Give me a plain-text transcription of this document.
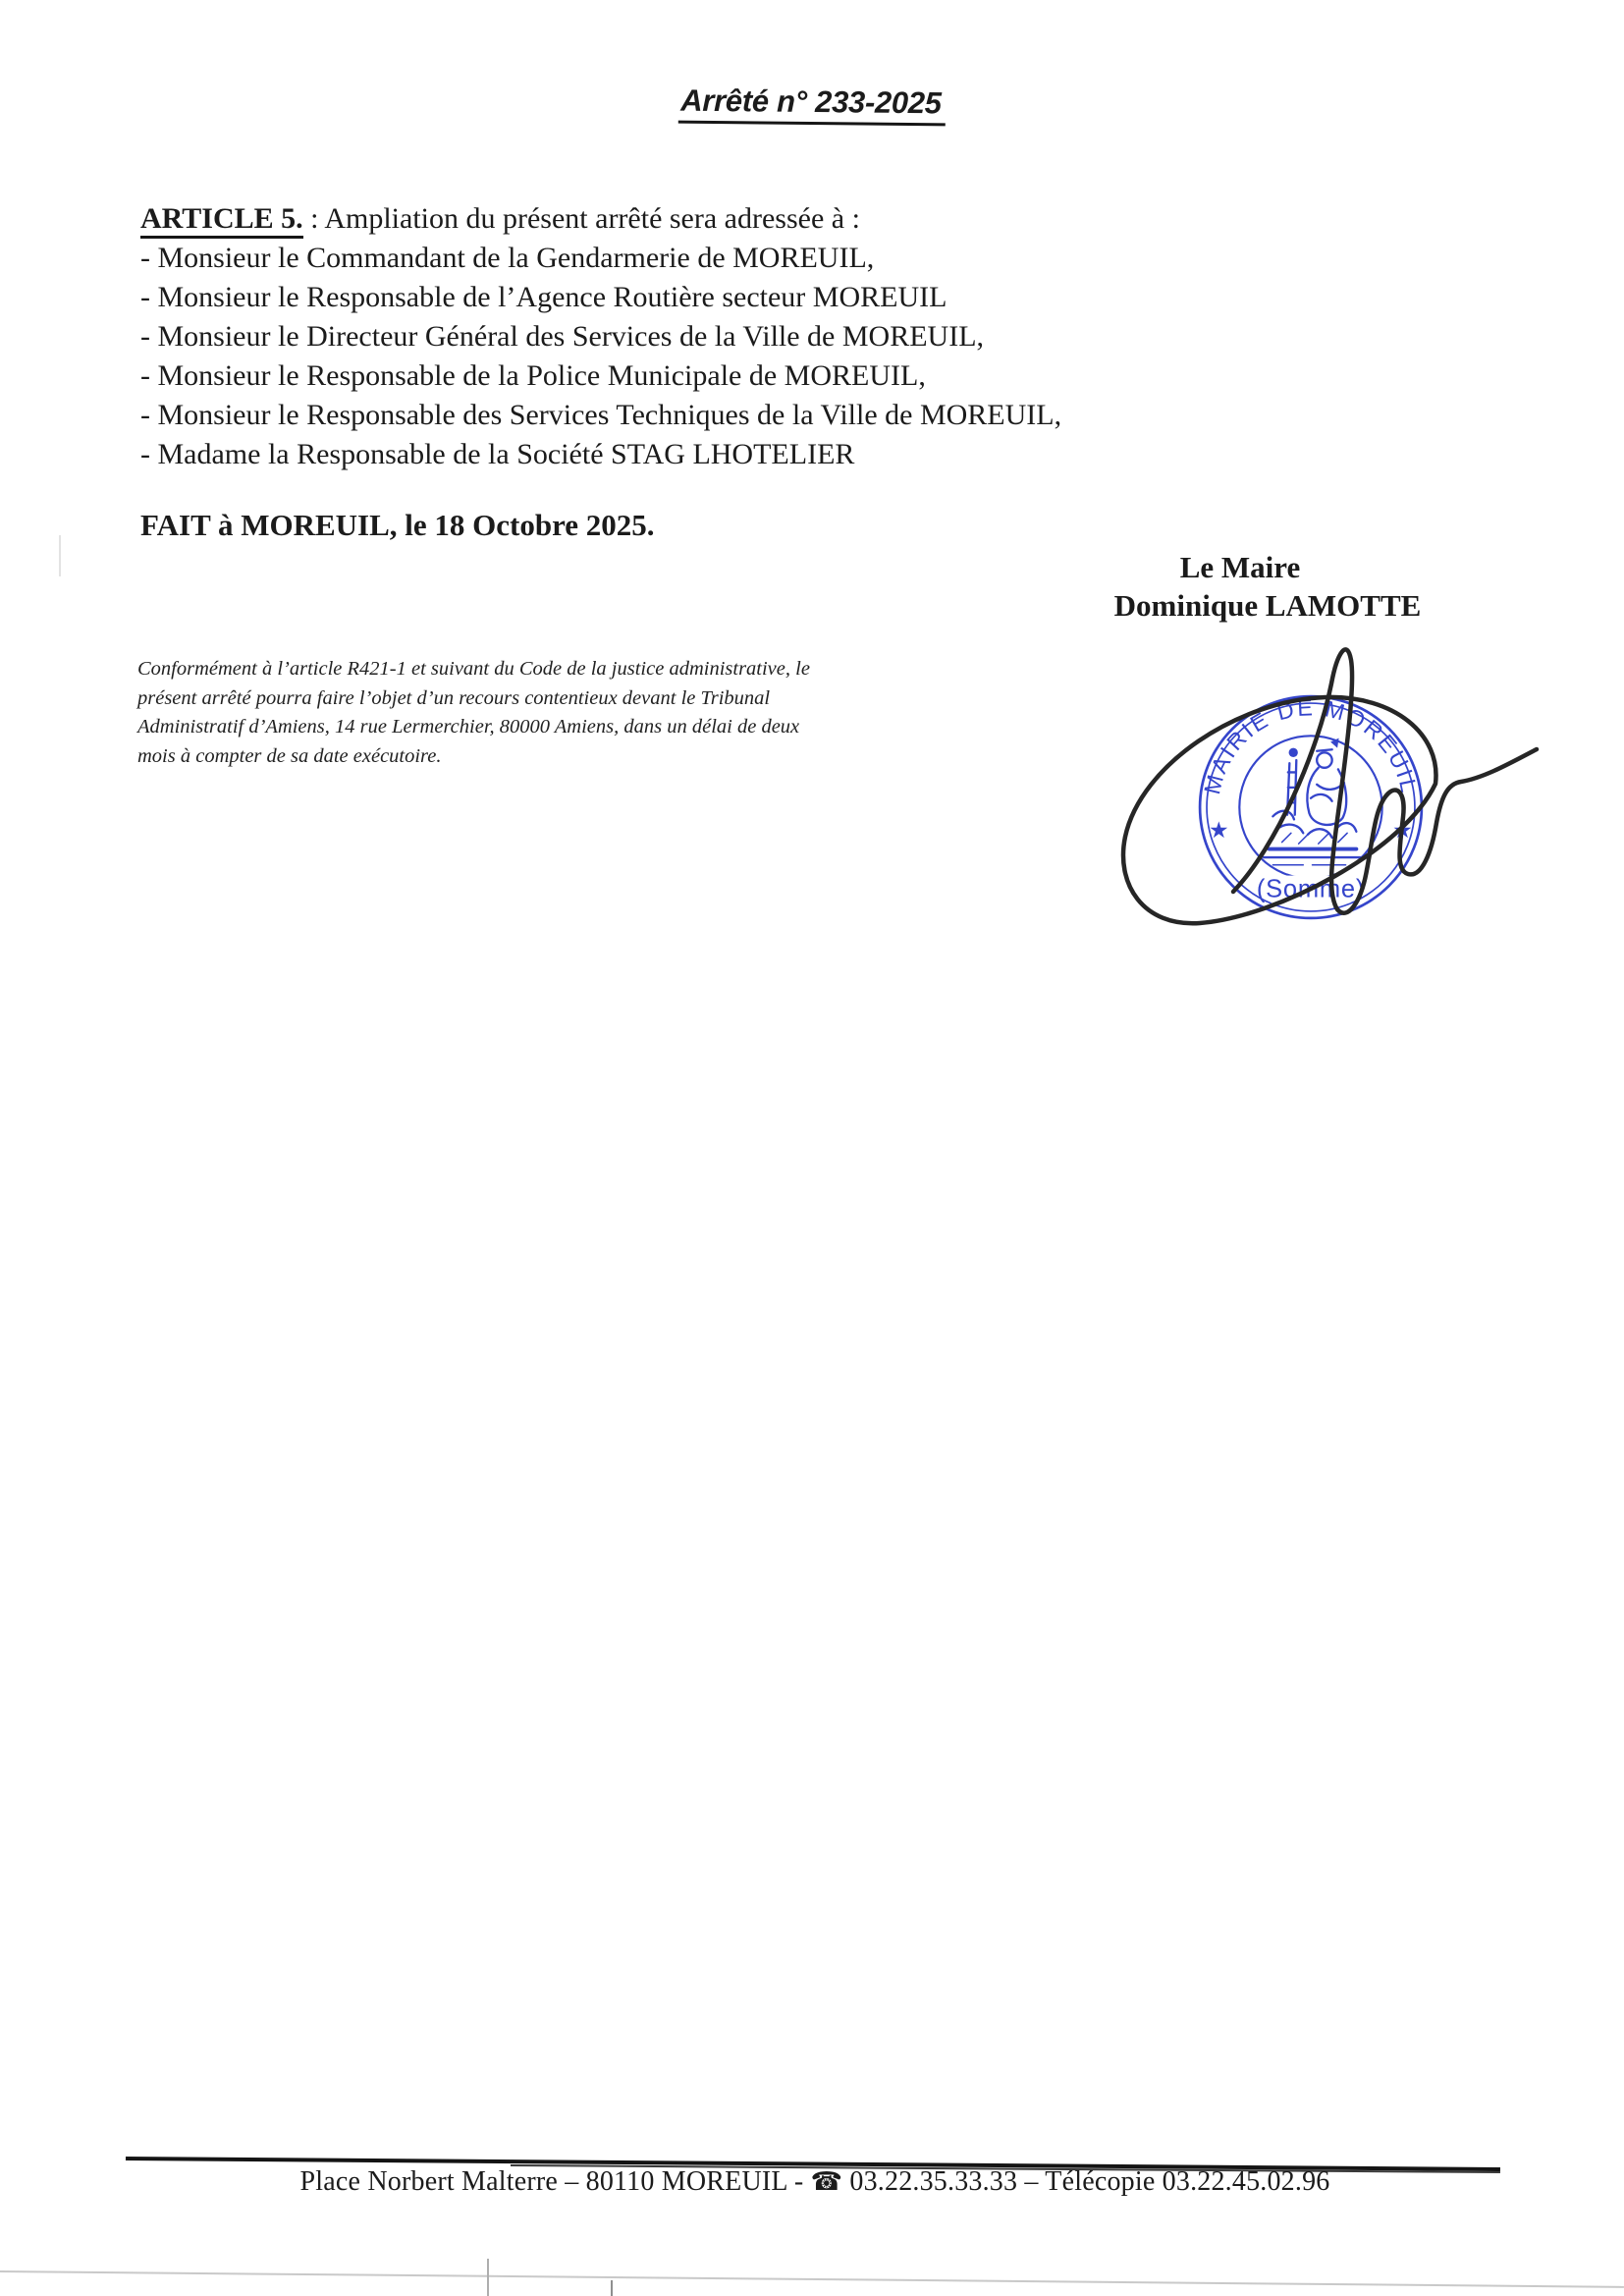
Arrêté n° 233-2025
ARTICLE 5. : Ampliation du présent arrêté sera adressée à :
- Monsieur le Commandant de la Gendarmerie de MOREUIL,
- Monsieur le Responsable de l’Agence Routière secteur MOREUIL
- Monsieur le Directeur Général des Services de la Ville de MOREUIL,
- Monsieur le Responsable de la Police Municipale de MOREUIL,
- Monsieur le Responsable des Services Techniques de la Ville de MOREUIL,
- Madame la Responsable de la Société STAG LHOTELIER
FAIT à MOREUIL, le 18 Octobre 2025.
Le Maire
Dominique LAMOTTE
Conformément à l’article R421-1 et suivant du Code de la justice administrative, le
présent arrêté pourra faire l’objet d’un recours contentieux devant le Tribunal
Administratif d’Amiens, 14 rue Lermerchier, 80000 Amiens, dans un délai de deux
mois à compter de sa date exécutoire.
MAIRIE DE MOREUIL
★	★
(Somme)
Place Norbert Malterre – 80110 MOREUIL - ☎ 03.22.35.33.33 – Télécopie 03.22.45.02.96
